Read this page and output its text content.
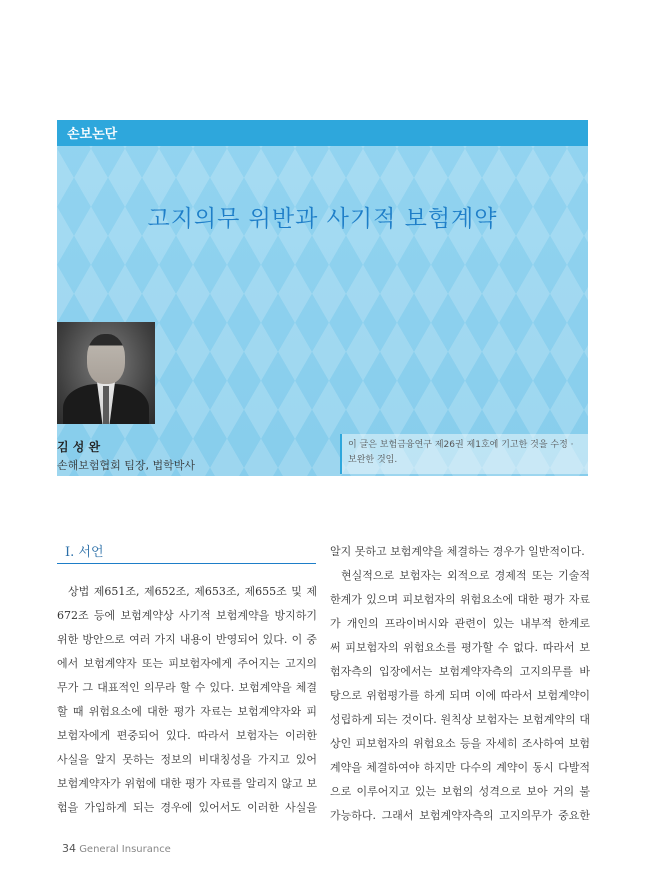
손보논단
고지의무 위반과 사기적 보험계약
김 성 완
손해보험협회 팀장, 법학박사
이 글은 보험금융연구 제26권 제1호에 기고한 것을 수정 · 보완한 것임.
Ⅰ. 서언
상법 제651조, 제652조, 제653조, 제655조 및 제
672조 등에 보험계약상 사기적 보험계약을 방지하기
위한 방안으로 여러 가지 내용이 반영되어 있다. 이 중
에서 보험계약자 또는 피보험자에게 주어지는 고지의
무가 그 대표적인 의무라 할 수 있다. 보험계약을 체결
할 때 위험요소에 대한 평가 자료는 보험계약자와 피
보험자에게 편중되어 있다. 따라서 보험자는 이러한
사실을 알지 못하는 정보의 비대칭성을 가지고 있어
보험계약자가 위험에 대한 평가 자료를 알리지 않고 보
험을 가입하게 되는 경우에 있어서도 이러한 사실을
알지 못하고 보험계약을 체결하는 경우가 일반적이다.
현실적으로 보험자는 외적으로 경제적 또는 기술적
한계가 있으며 피보험자의 위험요소에 대한 평가 자료
가 개인의 프라이버시와 관련이 있는 내부적 한계로
써 피보험자의 위험요소를 평가할 수 없다. 따라서 보
험자측의 입장에서는 보험계약자측의 고지의무를 바
탕으로 위험평가를 하게 되며 이에 따라서 보험계약이
성립하게 되는 것이다. 원칙상 보험자는 보험계약의 대
상인 피보험자의 위험요소 등을 자세히 조사하여 보험
계약을 체결하여야 하지만 다수의 계약이 동시 다발적
으로 이루어지고 있는 보험의 성격으로 보아 거의 불
가능하다. 그래서 보험계약자측의 고지의무가 중요한
34 General Insurance
